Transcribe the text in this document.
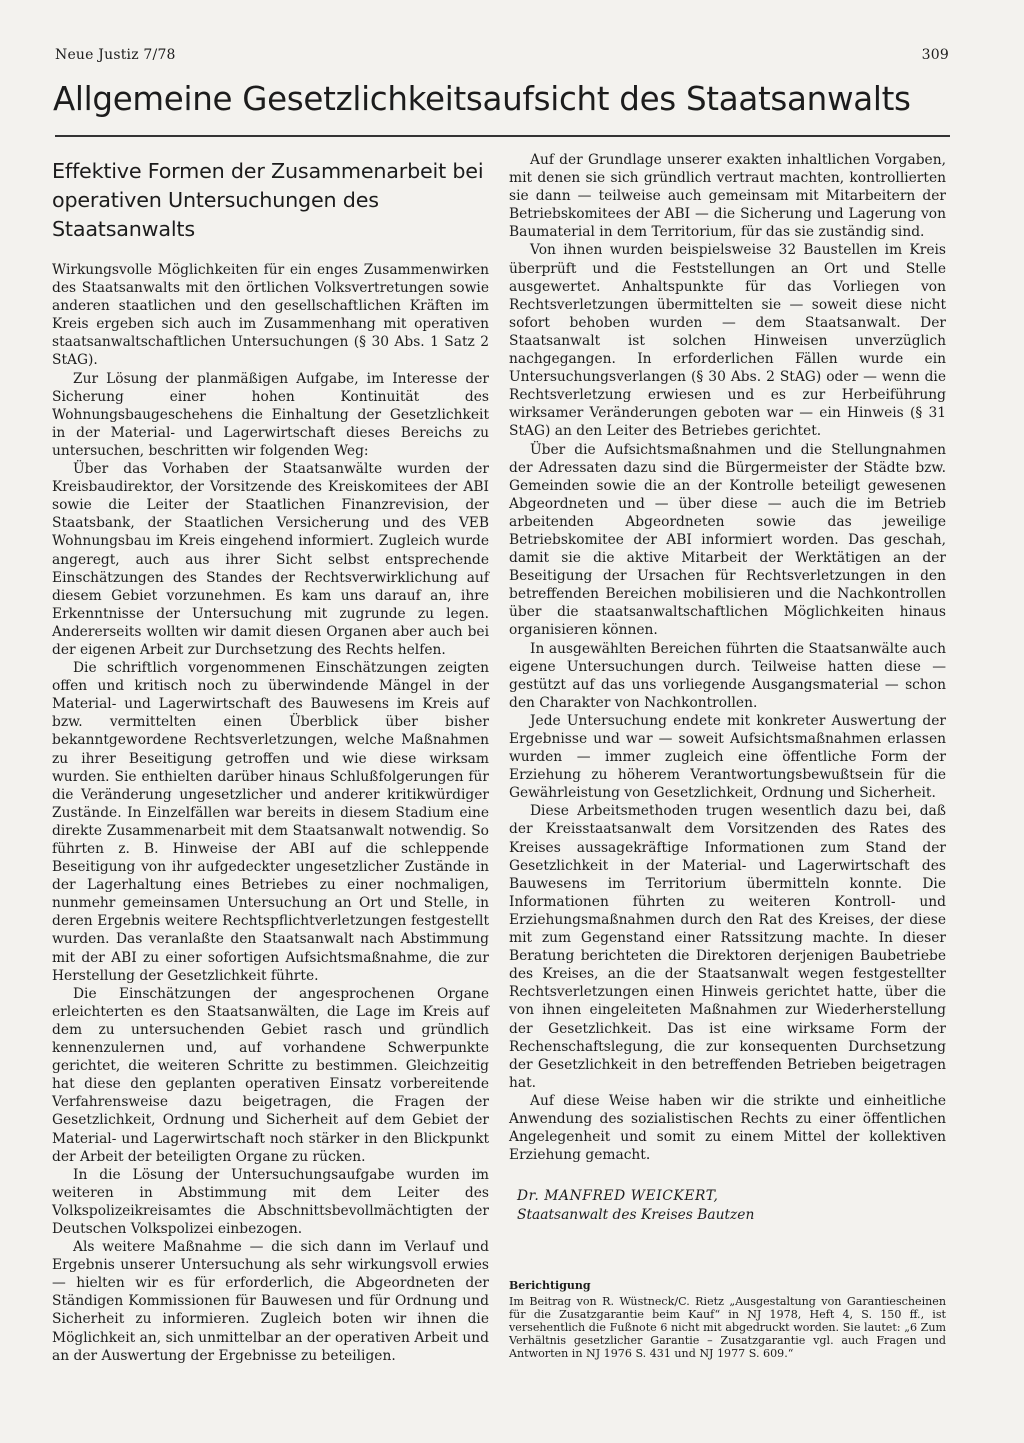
Neue Justiz 7/78	309
Allgemeine Gesetzlichkeitsaufsicht des Staatsanwalts
Effektive Formen der Zusammenarbeit bei operativen Untersuchungen des Staatsanwalts

Wirkungsvolle Möglichkeiten für ein enges Zusammenwirken des Staatsanwalts mit den örtlichen Volksvertretungen sowie anderen staatlichen und den gesellschaftlichen Kräften im Kreis ergeben sich auch im Zusammenhang mit operativen staatsanwaltschaftlichen Untersuchungen (§ 30 Abs. 1 Satz 2 StAG).

Zur Lösung der planmäßigen Aufgabe, im Interesse der Sicherung einer hohen Kontinuität des Wohnungsbaugeschehens die Einhaltung der Gesetzlichkeit in der Material- und Lagerwirtschaft dieses Bereichs zu untersuchen, beschritten wir folgenden Weg:

Über das Vorhaben der Staatsanwälte wurden der Kreisbaudirektor, der Vorsitzende des Kreiskomitees der ABI sowie die Leiter der Staatlichen Finanzrevision, der Staatsbank, der Staatlichen Versicherung und des VEB Wohnungsbau im Kreis eingehend informiert. Zugleich wurde angeregt, auch aus ihrer Sicht selbst entsprechende Einschätzungen des Standes der Rechtsverwirklichung auf diesem Gebiet vorzunehmen. Es kam uns darauf an, ihre Erkenntnisse der Untersuchung mit zugrunde zu legen. Andererseits wollten wir damit diesen Organen aber auch bei der eigenen Arbeit zur Durchsetzung des Rechts helfen.

Die schriftlich vorgenommenen Einschätzungen zeigten offen und kritisch noch zu überwindende Mängel in der Material- und Lagerwirtschaft des Bauwesens im Kreis auf bzw. vermittelten einen Überblick über bisher bekanntgewordene Rechtsverletzungen, welche Maßnahmen zu ihrer Beseitigung getroffen und wie diese wirksam wurden. Sie enthielten darüber hinaus Schlußfolgerungen für die Veränderung ungesetzlicher und anderer kritikwürdiger Zustände. In Einzelfällen war bereits in diesem Stadium eine direkte Zusammenarbeit mit dem Staatsanwalt notwendig. So führten z. B. Hinweise der ABI auf die schleppende Beseitigung von ihr aufgedeckter ungesetzlicher Zustände in der Lagerhaltung eines Betriebes zu einer nochmaligen, nunmehr gemeinsamen Untersuchung an Ort und Stelle, in deren Ergebnis weitere Rechtspflichtverletzungen festgestellt wurden. Das veranlaßte den Staatsanwalt nach Abstimmung mit der ABI zu einer sofortigen Aufsichtsmaßnahme, die zur Herstellung der Gesetzlichkeit führte.

Die Einschätzungen der angesprochenen Organe erleichterten es den Staatsanwälten, die Lage im Kreis auf dem zu untersuchenden Gebiet rasch und gründlich kennenzulernen und, auf vorhandene Schwerpunkte gerichtet, die weiteren Schritte zu bestimmen. Gleichzeitig hat diese den geplanten operativen Einsatz vorbereitende Verfahrensweise dazu beigetragen, die Fragen der Gesetzlichkeit, Ordnung und Sicherheit auf dem Gebiet der Material- und Lagerwirtschaft noch stärker in den Blickpunkt der Arbeit der beteiligten Organe zu rücken.

In die Lösung der Untersuchungsaufgabe wurden im weiteren in Abstimmung mit dem Leiter des Volkspolizeikreisamtes die Abschnittsbevollmächtigten der Deutschen Volkspolizei einbezogen.

Als weitere Maßnahme — die sich dann im Verlauf und Ergebnis unserer Untersuchung als sehr wirkungsvoll erwies — hielten wir es für erforderlich, die Abgeordneten der Ständigen Kommissionen für Bauwesen und für Ordnung und Sicherheit zu informieren. Zugleich boten wir ihnen die Möglichkeit an, sich unmittelbar an der operativen Arbeit und an der Auswertung der Ergebnisse zu beteiligen.

Auf der Grundlage unserer exakten inhaltlichen Vorgaben, mit denen sie sich gründlich vertraut machten, kontrollierten sie dann — teilweise auch gemeinsam mit Mitarbeitern der Betriebskomitees der ABI — die Sicherung und Lagerung von Baumaterial in dem Territorium, für das sie zuständig sind.

Von ihnen wurden beispielsweise 32 Baustellen im Kreis überprüft und die Feststellungen an Ort und Stelle ausgewertet. Anhaltspunkte für das Vorliegen von Rechtsverletzungen übermittelten sie — soweit diese nicht sofort behoben wurden — dem Staatsanwalt. Der Staatsanwalt ist solchen Hinweisen unverzüglich nachgegangen. In erforderlichen Fällen wurde ein Untersuchungsverlangen (§ 30 Abs. 2 StAG) oder — wenn die Rechtsverletzung erwiesen und es zur Herbeiführung wirksamer Veränderungen geboten war — ein Hinweis (§ 31 StAG) an den Leiter des Betriebes gerichtet.

Über die Aufsichtsmaßnahmen und die Stellungnahmen der Adressaten dazu sind die Bürgermeister der Städte bzw. Gemeinden sowie die an der Kontrolle beteiligt gewesenen Abgeordneten und — über diese — auch die im Betrieb arbeitenden Abgeordneten sowie das jeweilige Betriebskomitee der ABI informiert worden. Das geschah, damit sie die aktive Mitarbeit der Werktätigen an der Beseitigung der Ursachen für Rechtsverletzungen in den betreffenden Bereichen mobilisieren und die Nachkontrollen über die staatsanwaltschaftlichen Möglichkeiten hinaus organisieren können.

In ausgewählten Bereichen führten die Staatsanwälte auch eigene Untersuchungen durch. Teilweise hatten diese — gestützt auf das uns vorliegende Ausgangsmaterial — schon den Charakter von Nachkontrollen.

Jede Untersuchung endete mit konkreter Auswertung der Ergebnisse und war — soweit Aufsichtsmaßnahmen erlassen wurden — immer zugleich eine öffentliche Form der Erziehung zu höherem Verantwortungsbewußtsein für die Gewährleistung von Gesetzlichkeit, Ordnung und Sicherheit.

Diese Arbeitsmethoden trugen wesentlich dazu bei, daß der Kreisstaatsanwalt dem Vorsitzenden des Rates des Kreises aussagekräftige Informationen zum Stand der Gesetzlichkeit in der Material- und Lagerwirtschaft des Bauwesens im Territorium übermitteln konnte. Die Informationen führten zu weiteren Kontroll- und Erziehungsmaßnahmen durch den Rat des Kreises, der diese mit zum Gegenstand einer Ratssitzung machte. In dieser Beratung berichteten die Direktoren derjenigen Baubetriebe des Kreises, an die der Staatsanwalt wegen festgestellter Rechtsverletzungen einen Hinweis gerichtet hatte, über die von ihnen eingeleiteten Maßnahmen zur Wiederherstellung der Gesetzlichkeit. Das ist eine wirksame Form der Rechenschaftslegung, die zur konsequenten Durchsetzung der Gesetzlichkeit in den betreffenden Betrieben beigetragen hat.

Auf diese Weise haben wir die strikte und einheitliche Anwendung des sozialistischen Rechts zu einer öffentlichen Angelegenheit und somit zu einem Mittel der kollektiven Erziehung gemacht.

Dr. MANFRED WEICKERT,
Staatsanwalt des Kreises Bautzen
Berichtigung

Im Beitrag von R. Wüstneck/C. Rietz „Ausgestaltung von Garantiescheinen für die Zusatzgarantie beim Kauf“ in NJ 1978, Heft 4, S. 150 ff., ist versehentlich die Fußnote 6 nicht mit abgedruckt worden. Sie lautet: „6 Zum Verhältnis gesetzlicher Garantie – Zusatzgarantie vgl. auch Fragen und Antworten in NJ 1976 S. 431 und NJ 1977 S. 609.“
